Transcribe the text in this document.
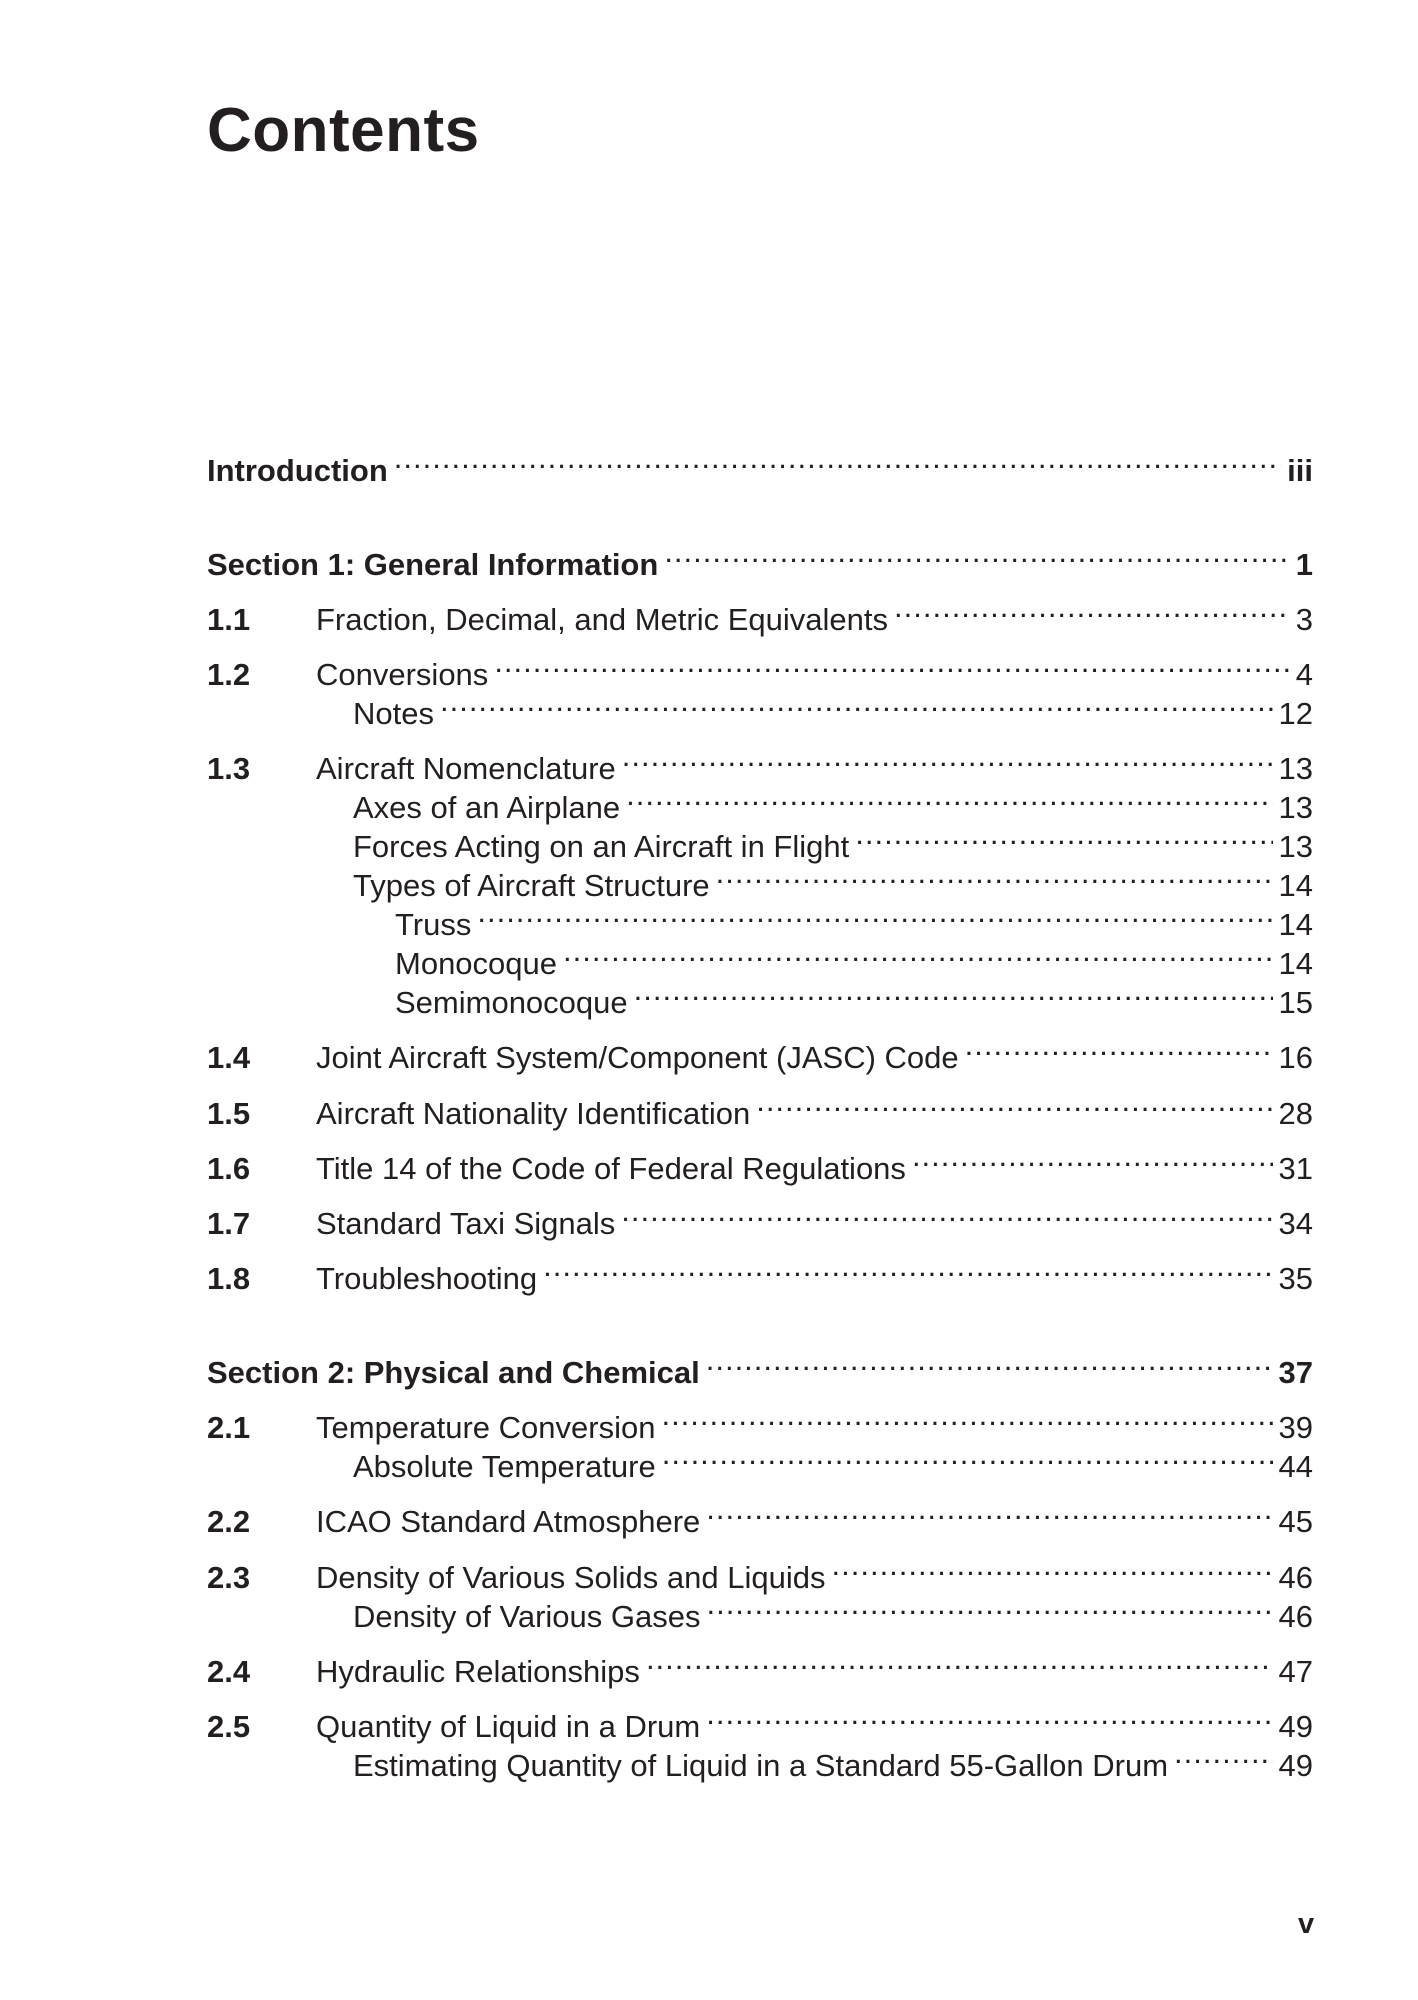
Contents
Introduction .....	iii
Section 1: General Information .....	1
1.1	Fraction, Decimal, and Metric Equivalents .....	3
1.2	Conversions .....	4
Notes .....	12
1.3	Aircraft Nomenclature .....	13
Axes of an Airplane .....	13
Forces Acting on an Aircraft in Flight .....	13
Types of Aircraft Structure .....	14
Truss .....	14
Monocoque .....	14
Semimonocoque .....	15
1.4	Joint Aircraft System/Component (JASC) Code .....	16
1.5	Aircraft Nationality Identification .....	28
1.6	Title 14 of the Code of Federal Regulations .....	31
1.7	Standard Taxi Signals .....	34
1.8	Troubleshooting .....	35
Section 2: Physical and Chemical .....	37
2.1	Temperature Conversion .....	39
Absolute Temperature .....	44
2.2	ICAO Standard Atmosphere .....	45
2.3	Density of Various Solids and Liquids .....	46
Density of Various Gases .....	46
2.4	Hydraulic Relationships .....	47
2.5	Quantity of Liquid in a Drum .....	49
Estimating Quantity of Liquid in a Standard 55-Gallon Drum .....	49
v
